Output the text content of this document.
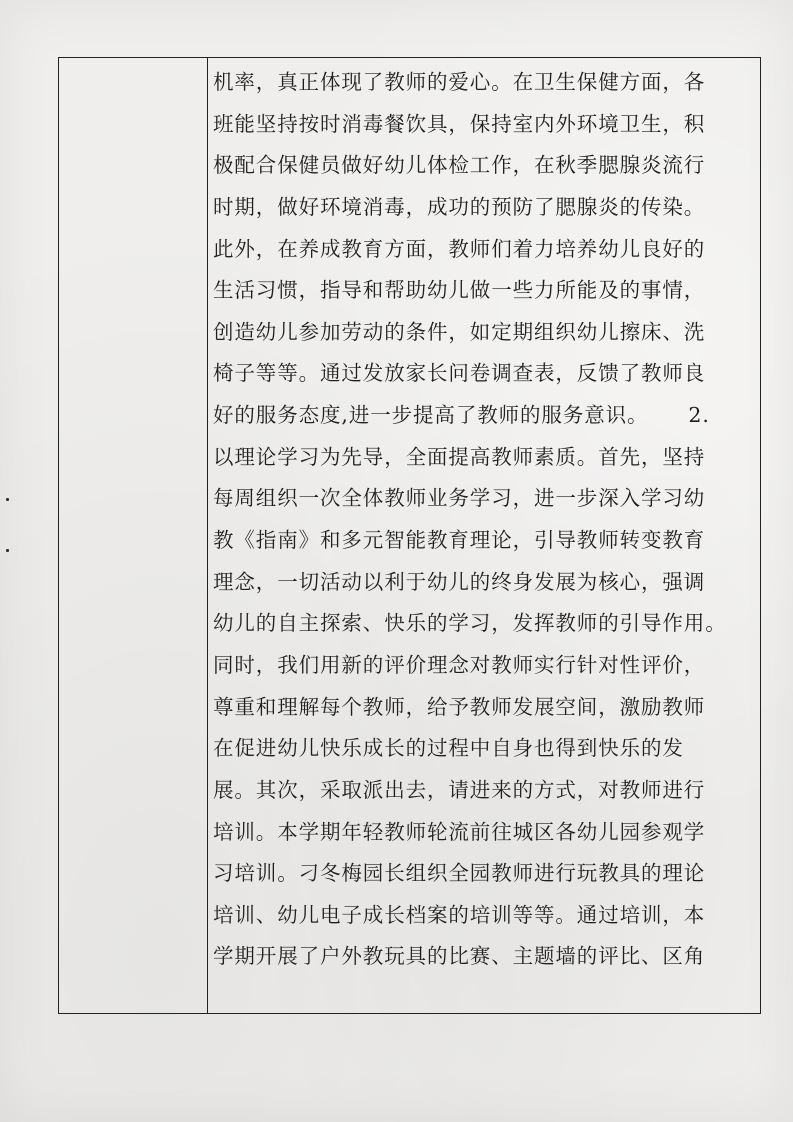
机率，真正体现了教师的爱心。在卫生保健方面，各
班能坚持按时消毒餐饮具，保持室内外环境卫生，积
极配合保健员做好幼儿体检工作，在秋季腮腺炎流行
时期，做好环境消毒，成功的预防了腮腺炎的传染。
此外，在养成教育方面，教师们着力培养幼儿良好的
生活习惯，指导和帮助幼儿做一些力所能及的事情，
创造幼儿参加劳动的条件，如定期组织幼儿擦床、洗
椅子等等。通过发放家长问卷调查表，反馈了教师良
好的服务态度,进一步提高了教师的服务意识。　　 2.
以理论学习为先导，全面提高教师素质。首先，坚持
每周组织一次全体教师业务学习，进一步深入学习幼
教《指南》和多元智能教育理论，引导教师转变教育
理念，一切活动以利于幼儿的终身发展为核心，强调
幼儿的自主探索、快乐的学习，发挥教师的引导作用。
同时，我们用新的评价理念对教师实行针对性评价，
尊重和理解每个教师，给予教师发展空间，激励教师
在促进幼儿快乐成长的过程中自身也得到快乐的发
展。其次，采取派出去，请进来的方式，对教师进行
培训。本学期年轻教师轮流前往城区各幼儿园参观学
习培训。刁冬梅园长组织全园教师进行玩教具的理论
培训、幼儿电子成长档案的培训等等。通过培训，本
学期开展了户外教玩具的比赛、主题墙的评比、区角
